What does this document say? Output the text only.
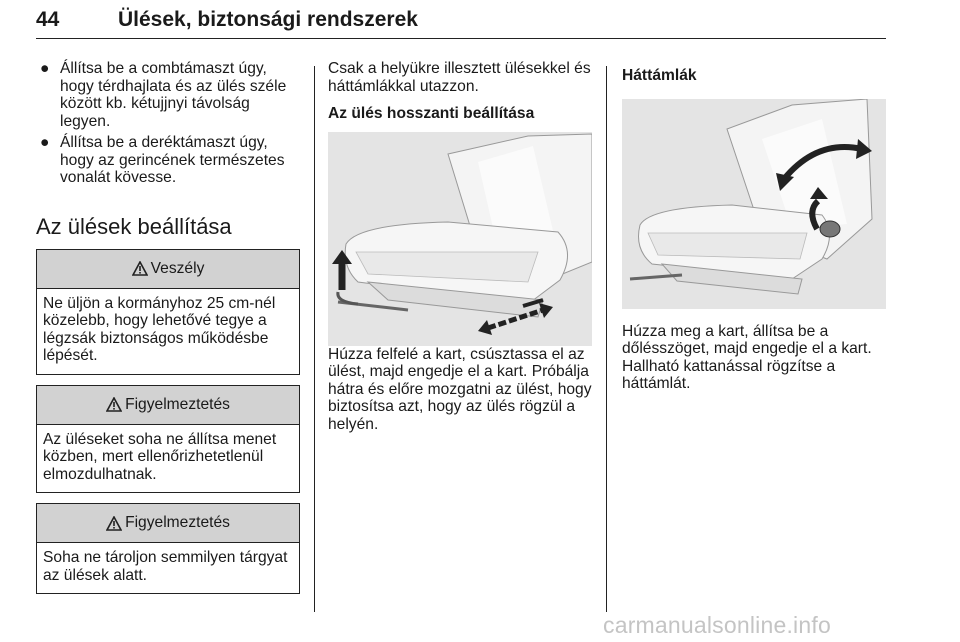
44	Ülések, biztonsági rendszerek
● Állítsa be a combtámaszt úgy, hogy térdhajlata és az ülés széle között kb. kétujjnyi távolság legyen.
● Állítsa be a deréktámaszt úgy, hogy az gerincének természetes vonalát kövesse.
Az ülések beállítása
Veszély
Ne üljön a kormányhoz 25 cm-nél közelebb, hogy lehetővé tegye a légzsák biztonságos működésbe lépését.
Figyelmeztetés
Az üléseket soha ne állítsa menet közben, mert ellenőrizhetetlenül elmozdulhatnak.
Figyelmeztetés
Soha ne tároljon semmilyen tárgyat az ülések alatt.

Csak a helyükre illesztett ülésekkel és háttámlákkal utazzon.

Az ülés hosszanti beállítása

Húzza felfelé a kart, csúsztassa el az ülést, majd engedje el a kart. Próbálja hátra és előre mozgatni az ülést, hogy biztosítsa azt, hogy az ülés rögzül a helyén.

Háttámlák

Húzza meg a kart, állítsa be a dőlésszöget, majd engedje el a kart. Hallható kattanással rögzítse a háttámlát.

carmanualsonline.info
